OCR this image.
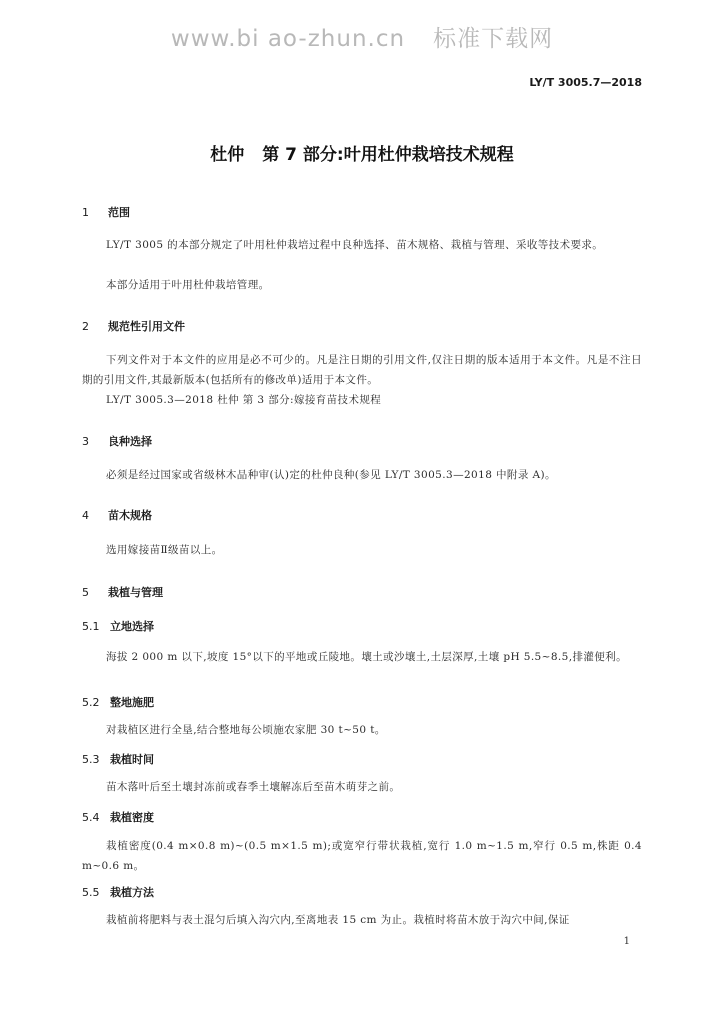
www.bi ao-zhun.cn 标准下载网
LY/T 3005.7—2018
杜仲 第 7 部分:叶用杜仲栽培技术规程
1 范围
LY/T 3005 的本部分规定了叶用杜仲栽培过程中良种选择、苗木规格、栽植与管理、采收等技术要求。
本部分适用于叶用杜仲栽培管理。
2 规范性引用文件
下列文件对于本文件的应用是必不可少的。凡是注日期的引用文件,仅注日期的版本适用于本文件。凡是不注日期的引用文件,其最新版本(包括所有的修改单)适用于本文件。
LY/T 3005.3—2018 杜仲 第 3 部分:嫁接育苗技术规程
3 良种选择
必须是经过国家或省级林木品种审(认)定的杜仲良种(参见 LY/T 3005.3—2018 中附录 A)。
4 苗木规格
选用嫁接苗Ⅱ级苗以上。
5 栽植与管理
5.1 立地选择
海拔 2 000 m 以下,坡度 15°以下的平地或丘陵地。壤土或沙壤土,土层深厚,土壤 pH 5.5~8.5,排灌便利。
5.2 整地施肥
对栽植区进行全垦,结合整地每公顷施农家肥 30 t~50 t。
5.3 栽植时间
苗木落叶后至土壤封冻前或春季土壤解冻后至苗木萌芽之前。
5.4 栽植密度
栽植密度(0.4 m×0.8 m)~(0.5 m×1.5 m);或宽窄行带状栽植,宽行 1.0 m~1.5 m,窄行 0.5 m,株距 0.4 m~0.6 m。
5.5 栽植方法
栽植前将肥料与表土混匀后填入沟穴内,至离地表 15 cm 为止。栽植时将苗木放于沟穴中间,保证
1
